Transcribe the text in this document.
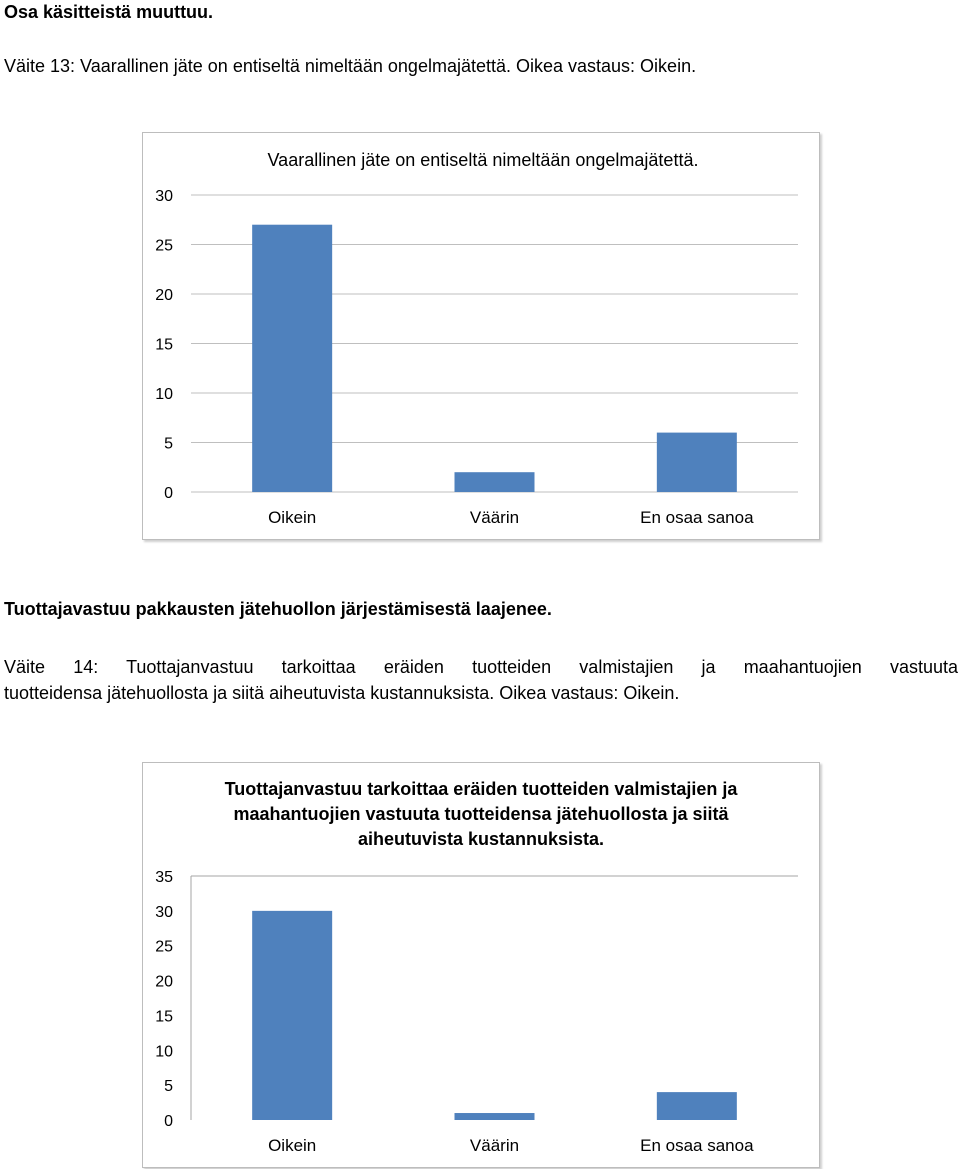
Osa käsitteistä muuttuu.
Väite 13: Vaarallinen jäte on entiseltä nimeltään ongelmajätettä. Oikea vastaus: Oikein.
Vaarallinen jäte on entiseltä nimeltään ongelmajätettä.
0
5
10
15
20
25
30
Oikein	Väärin	En osaa sanoa
Tuottajavastuu pakkausten jätehuollon järjestämisestä laajenee.
Väite 14: Tuottajanvastuu tarkoittaa eräiden tuotteiden valmistajien ja maahantuojien vastuuta
tuotteidensa jätehuollosta ja siitä aiheutuvista kustannuksista. Oikea vastaus: Oikein.
Tuottajanvastuu tarkoittaa eräiden tuotteiden valmistajien ja
maahantuojien vastuuta tuotteidensa jätehuollosta ja siitä
aiheutuvista kustannuksista.
0
5
10
15
20
25
30
35
Oikein	Väärin	En osaa sanoa
